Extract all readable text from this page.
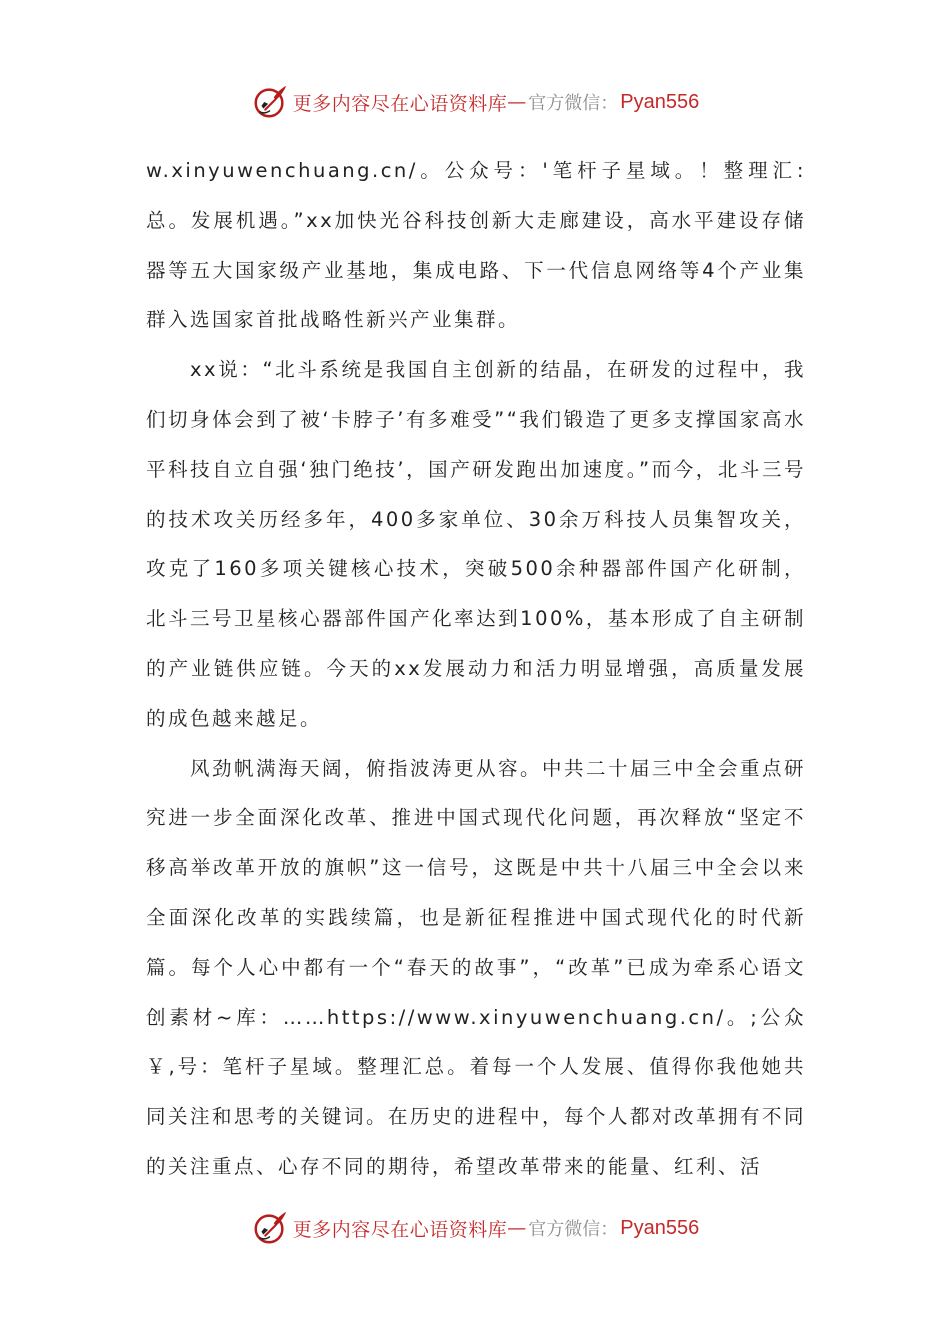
更多内容尽在心语资料库 — 官方微信： Pyan556

w.xinyuwenchuang.cn/。公众号：'笔杆子星域。！整理汇:总。发展机遇。”xx加快光谷科技创新大走廊建设，高水平建设存储器等五大国家级产业基地，集成电路、下一代信息网络等4个产业集群入选国家首批战略性新兴产业集群。

xx说：“北斗系统是我国自主创新的结晶，在研发的过程中，我们切身体会到了被‘卡脖子’有多难受”“我们锻造了更多支撑国家高水平科技自立自强‘独门绝技’，国产研发跑出加速度。”而今，北斗三号的技术攻关历经多年，400多家单位、30余万科技人员集智攻关，攻克了160多项关键核心技术，突破500余种器部件国产化研制，北斗三号卫星核心器部件国产化率达到100%，基本形成了自主研制的产业链供应链。今天的xx发展动力和活力明显增强，高质量发展的成色越来越足。

风劲帆满海天阔，俯指波涛更从容。中共二十届三中全会重点研究进一步全面深化改革、推进中国式现代化问题，再次释放“坚定不移高举改革开放的旗帜”这一信号，这既是中共十八届三中全会以来全面深化改革的实践续篇，也是新征程推进中国式现代化的时代新篇。每个人心中都有一个“春天的故事”，“改革”已成为牵系心语文创素材~库：……https://www.xinyuwenchuang.cn/。;公众￥,号：笔杆子星域。整理汇总。着每一个人发展、值得你我他她共同关注和思考的关键词。在历史的进程中，每个人都对改革拥有不同的关注重点、心存不同的期待，希望改革带来的能量、红利、活

更多内容尽在心语资料库 — 官方微信： Pyan556
